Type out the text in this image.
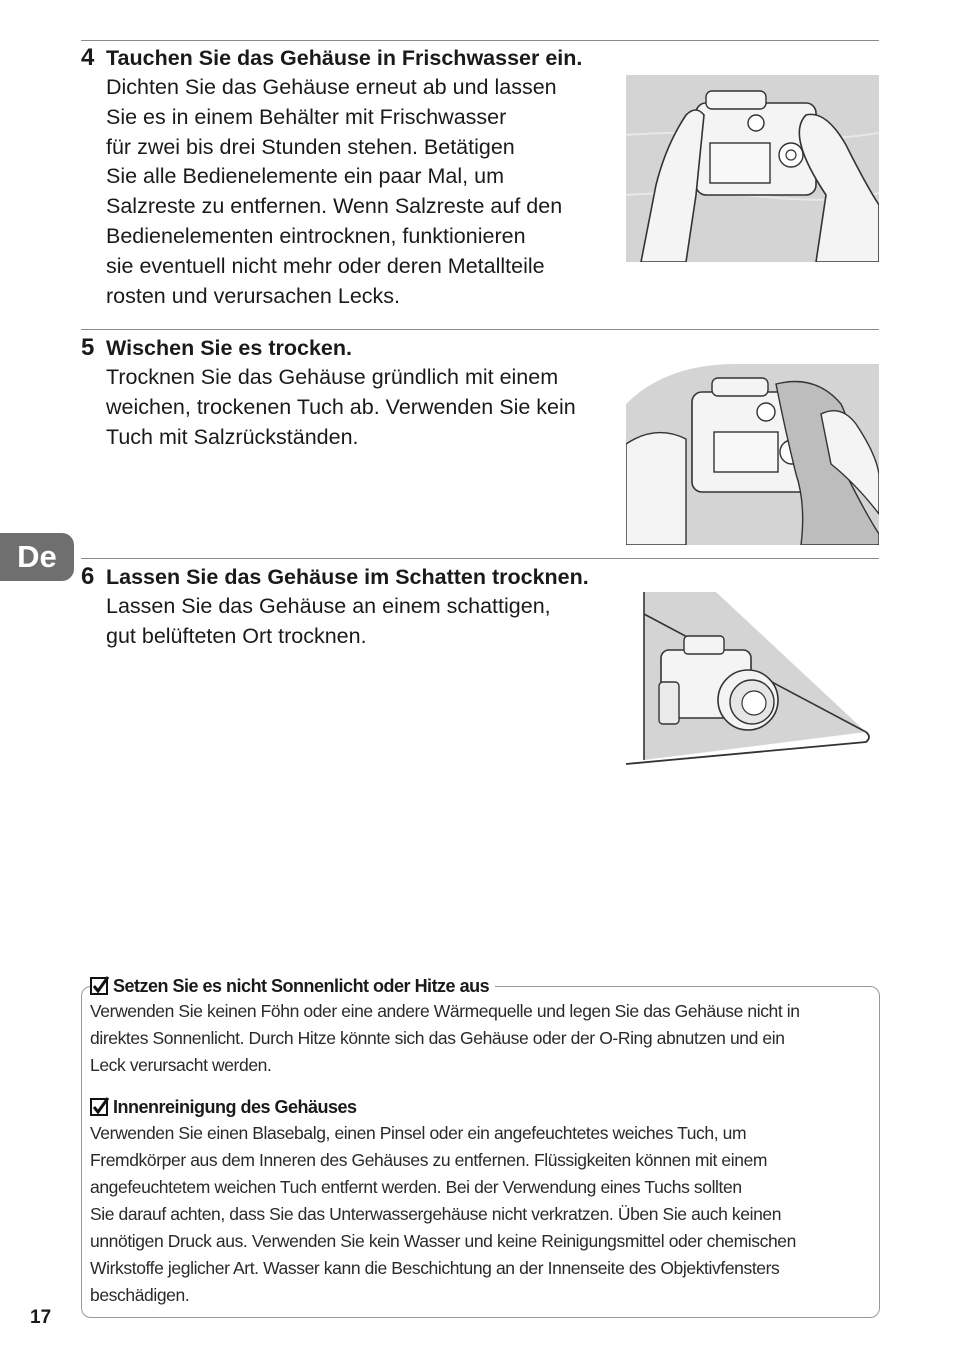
4 Tauchen Sie das Gehäuse in Frischwasser ein.
Dichten Sie das Gehäuse erneut ab und lassen
Sie es in einem Behälter mit Frischwasser
für zwei bis drei Stunden stehen. Betätigen
Sie alle Bedienelemente ein paar Mal, um
Salzreste zu entfernen. Wenn Salzreste auf den
Bedienelementen eintrocknen, funktionieren
sie eventuell nicht mehr oder deren Metallteile
rosten und verursachen Lecks.
5 Wischen Sie es trocken.
Trocknen Sie das Gehäuse gründlich mit einem
weichen, trockenen Tuch ab. Verwenden Sie kein
Tuch mit Salzrückständen.
De
6 Lassen Sie das Gehäuse im Schatten trocknen.
Lassen Sie das Gehäuse an einem schattigen,
gut belüfteten Ort trocknen.
Setzen Sie es nicht Sonnenlicht oder Hitze aus
Verwenden Sie keinen Föhn oder eine andere Wärmequelle und legen Sie das Gehäuse nicht in
direktes Sonnenlicht. Durch Hitze könnte sich das Gehäuse oder der O-Ring abnutzen und ein
Leck verursacht werden.
Innenreinigung des Gehäuses
Verwenden Sie einen Blasebalg, einen Pinsel oder ein angefeuchtetes weiches Tuch, um
Fremdkörper aus dem Inneren des Gehäuses zu entfernen. Flüssigkeiten können mit einem
angefeuchtetem weichen Tuch entfernt werden. Bei der Verwendung eines Tuchs sollten
Sie darauf achten, dass Sie das Unterwassergehäuse nicht verkratzen. Üben Sie auch keinen
unnötigen Druck aus. Verwenden Sie kein Wasser und keine Reinigungsmittel oder chemischen
Wirkstoffe jeglicher Art. Wasser kann die Beschichtung an der Innenseite des Objektivfensters
beschädigen.
17
